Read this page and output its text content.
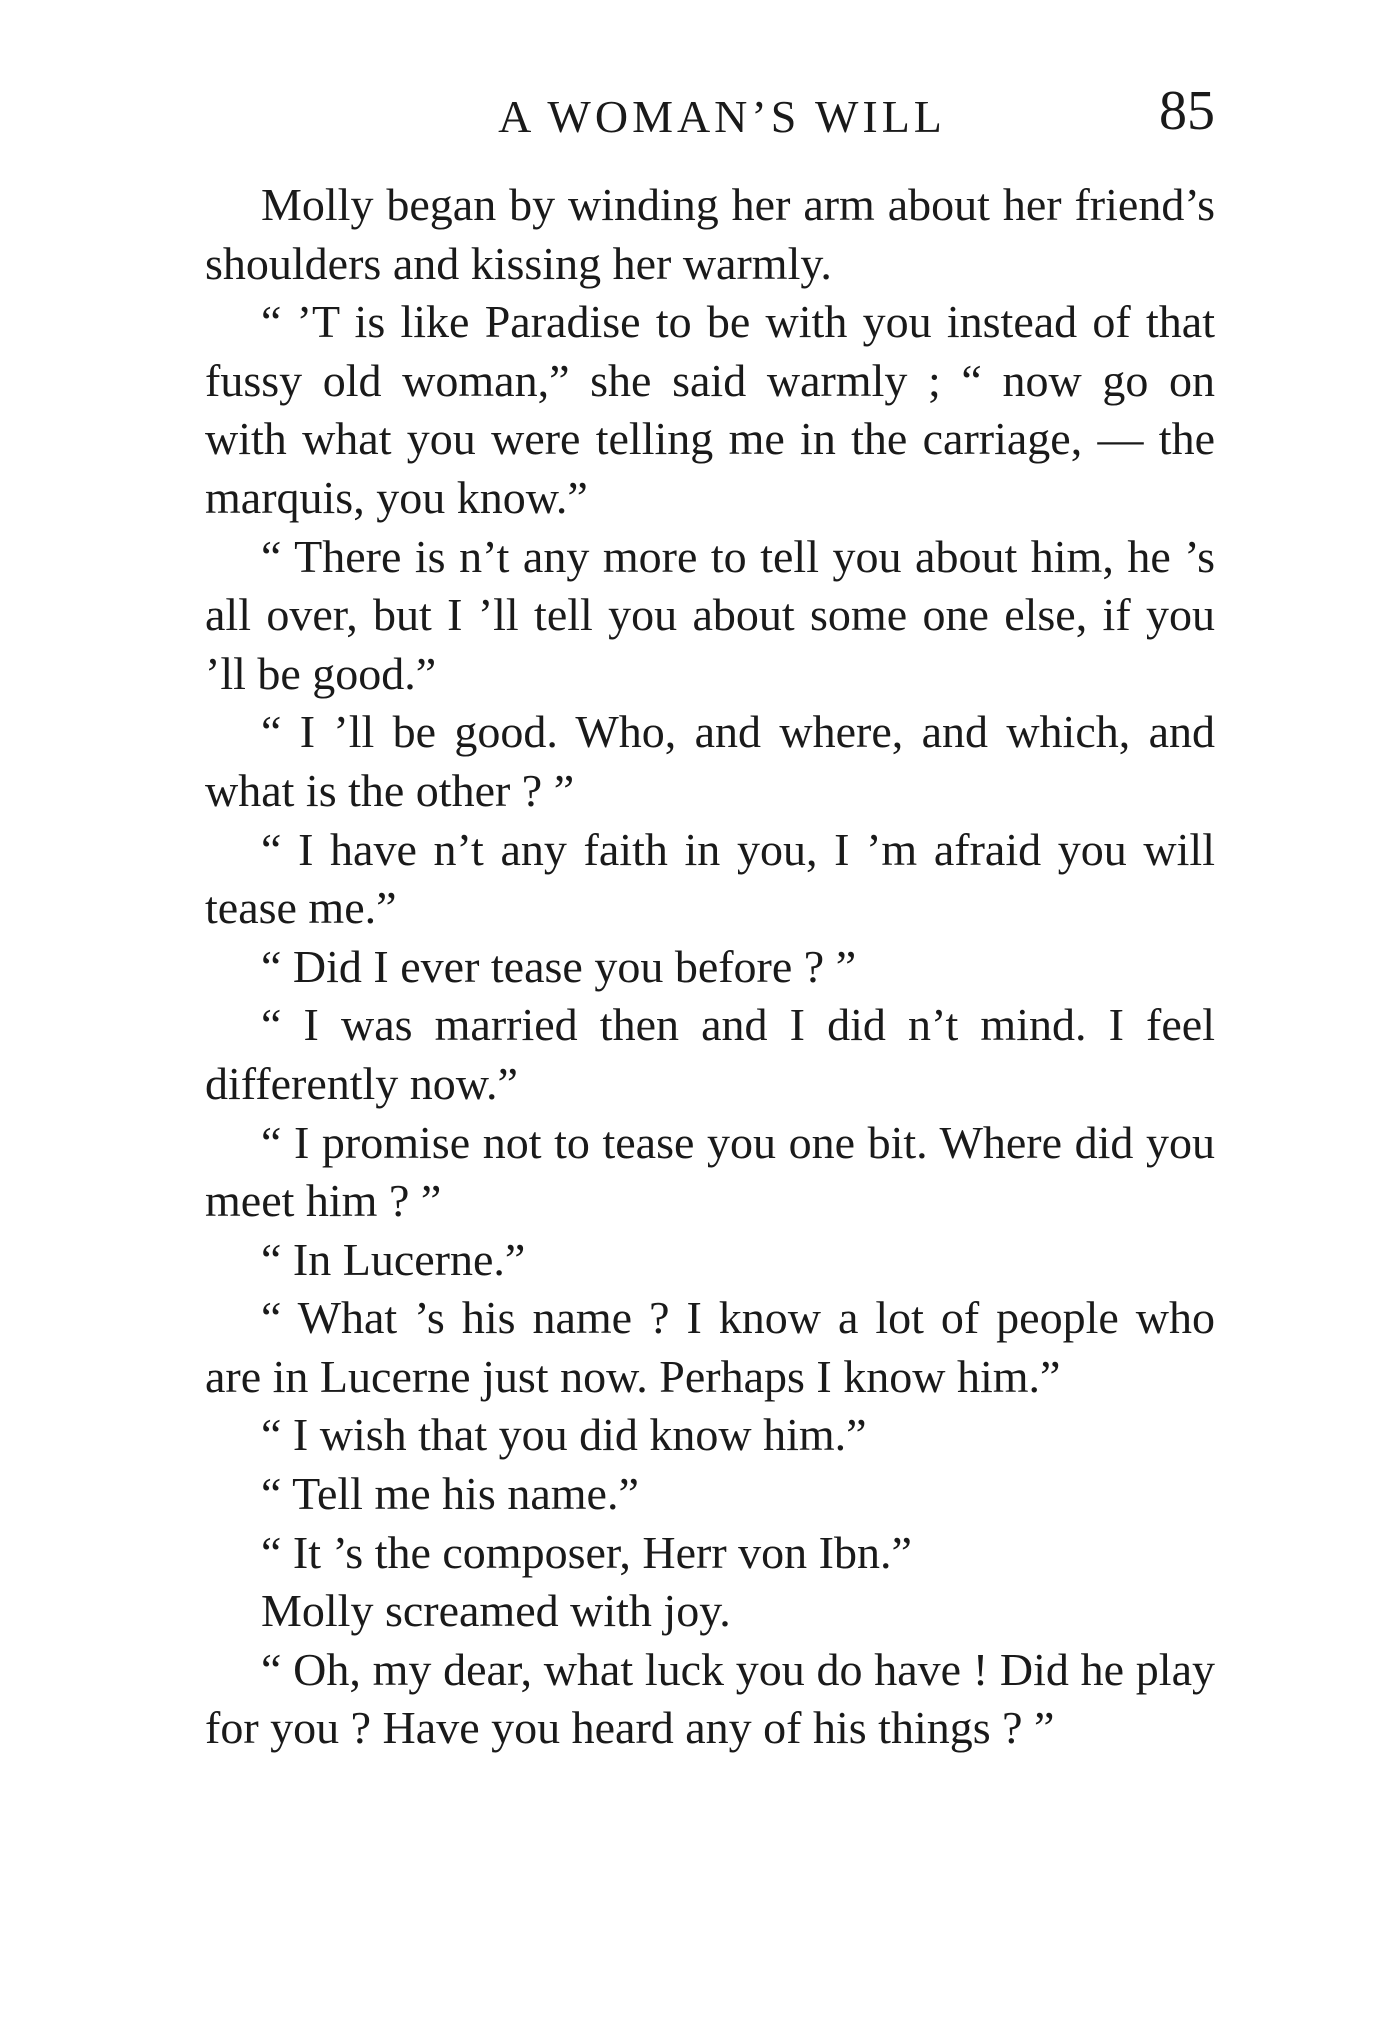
A WOMAN’S WILL	85

Molly began by winding her arm about her friend’s shoulders and kissing her warmly.

“ ’T is like Paradise to be with you instead of that fussy old woman,” she said warmly ; “ now go on with what you were telling me in the carriage, — the marquis, you know.”

“ There is n’t any more to tell you about him, he ’s all over, but I ’ll tell you about some one else, if you ’ll be good.”

“ I ’ll be good. Who, and where, and which, and what is the other ? ”

“ I have n’t any faith in you, I ’m afraid you will tease me.”

“ Did I ever tease you before ? ”

“ I was married then and I did n’t mind. I feel differently now.”

“ I promise not to tease you one bit. Where did you meet him ? ”

“ In Lucerne.”

“ What ’s his name ? I know a lot of people who are in Lucerne just now. Perhaps I know him.”

“ I wish that you did know him.”

“ Tell me his name.”

“ It ’s the composer, Herr von Ibn.”

Molly screamed with joy.

“ Oh, my dear, what luck you do have ! Did he play for you ? Have you heard any of his things ? ”
